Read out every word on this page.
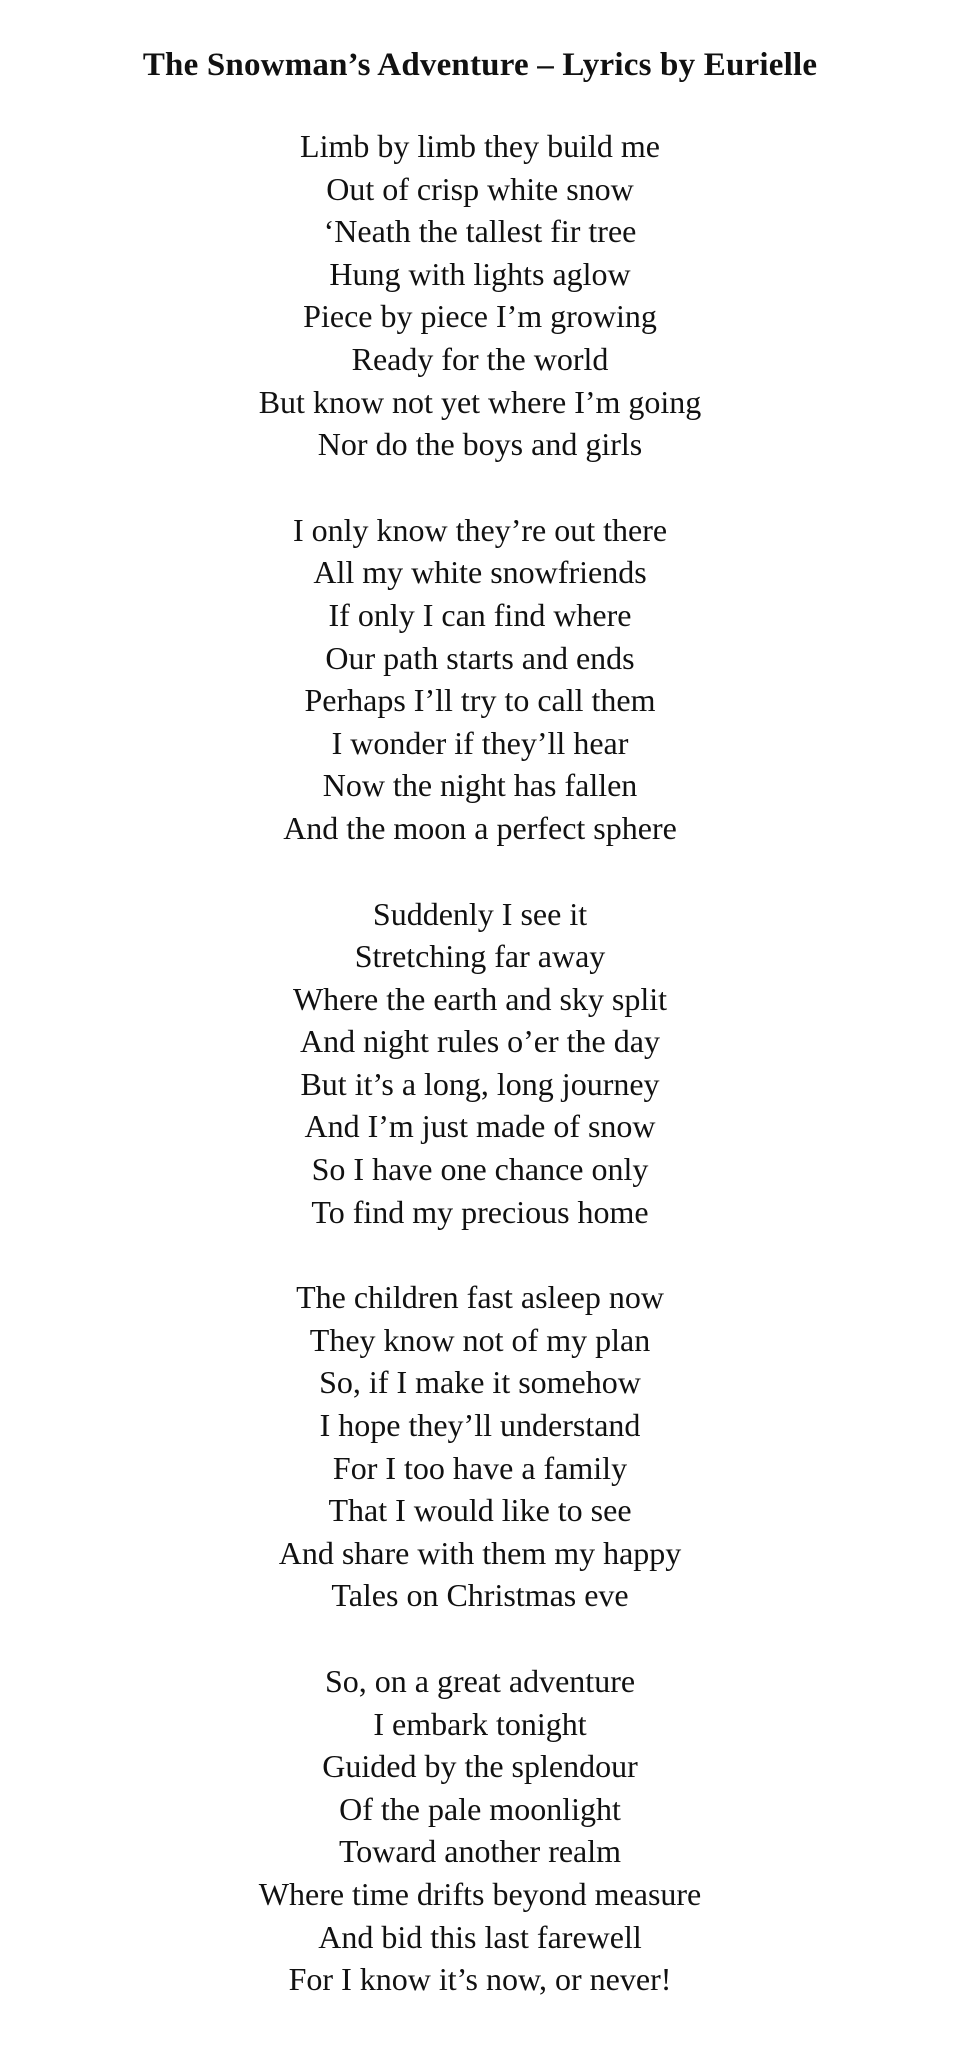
The Snowman’s Adventure – Lyrics by Eurielle
Limb by limb they build me
Out of crisp white snow
‘Neath the tallest fir tree
Hung with lights aglow
Piece by piece I’m growing
Ready for the world
But know not yet where I’m going
Nor do the boys and girls
I only know they’re out there
All my white snowfriends
If only I can find where
Our path starts and ends
Perhaps I’ll try to call them
I wonder if they’ll hear
Now the night has fallen
And the moon a perfect sphere
Suddenly I see it
Stretching far away
Where the earth and sky split
And night rules o’er the day
But it’s a long, long journey
And I’m just made of snow
So I have one chance only
To find my precious home
The children fast asleep now
They know not of my plan
So, if I make it somehow
I hope they’ll understand
For I too have a family
That I would like to see
And share with them my happy
Tales on Christmas eve
So, on a great adventure
I embark tonight
Guided by the splendour
Of the pale moonlight
Toward another realm
Where time drifts beyond measure
And bid this last farewell
For I know it’s now, or never!
